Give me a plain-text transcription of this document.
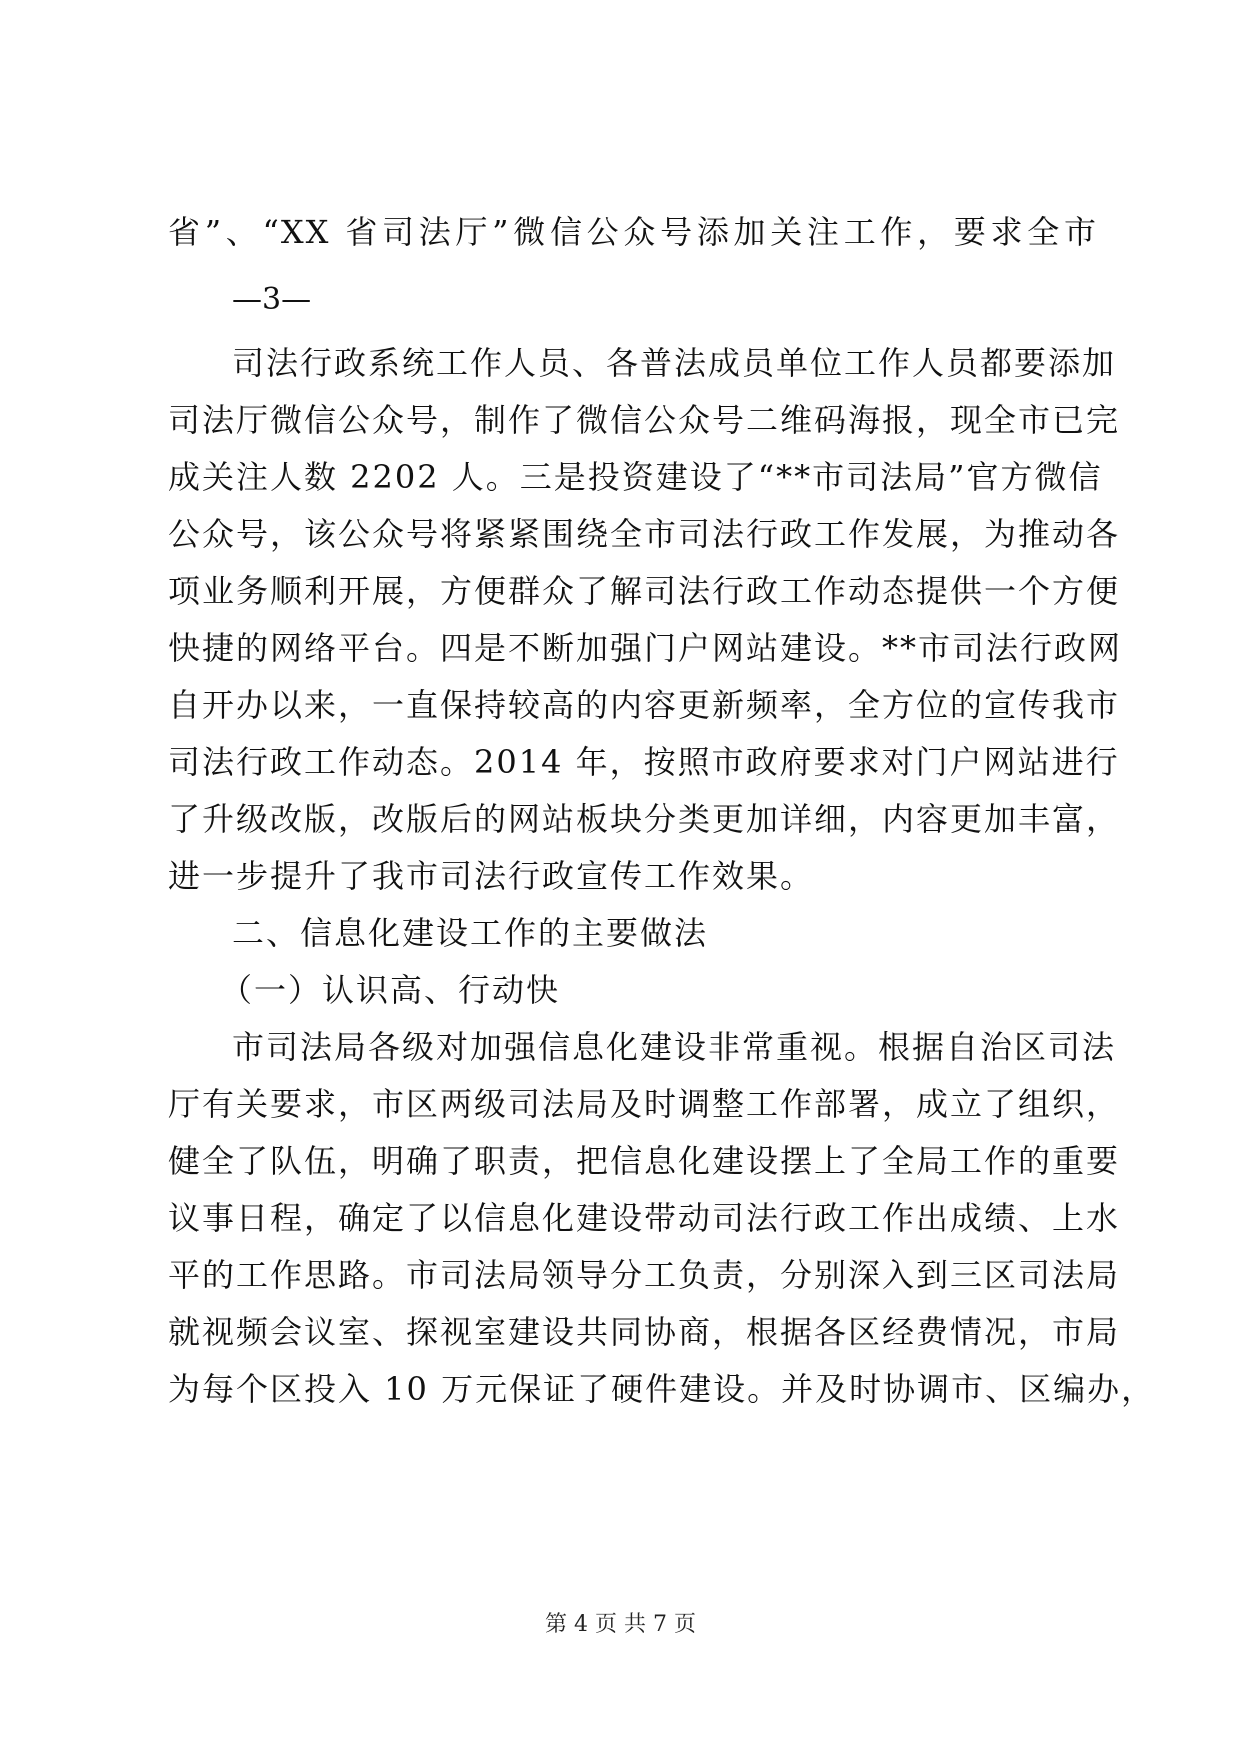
省”、“XX 省司法厅”微信公众号添加关注工作，要求全市
—3—
司法行政系统工作人员、各普法成员单位工作人员都要添加
司法厅微信公众号，制作了微信公众号二维码海报，现全市已完
成关注人数 2202 人。三是投资建设了“**市司法局”官方微信
公众号，该公众号将紧紧围绕全市司法行政工作发展，为推动各
项业务顺利开展，方便群众了解司法行政工作动态提供一个方便
快捷的网络平台。四是不断加强门户网站建设。**市司法行政网
自开办以来，一直保持较高的内容更新频率，全方位的宣传我市
司法行政工作动态。2014 年，按照市政府要求对门户网站进行
了升级改版，改版后的网站板块分类更加详细，内容更加丰富，
进一步提升了我市司法行政宣传工作效果。
二、信息化建设工作的主要做法
（一）认识高、行动快
市司法局各级对加强信息化建设非常重视。根据自治区司法
厅有关要求，市区两级司法局及时调整工作部署，成立了组织，
健全了队伍，明确了职责，把信息化建设摆上了全局工作的重要
议事日程，确定了以信息化建设带动司法行政工作出成绩、上水
平的工作思路。市司法局领导分工负责，分别深入到三区司法局
就视频会议室、探视室建设共同协商，根据各区经费情况，市局
为每个区投入 10 万元保证了硬件建设。并及时协调市、区编办，
第 4 页 共 7 页
